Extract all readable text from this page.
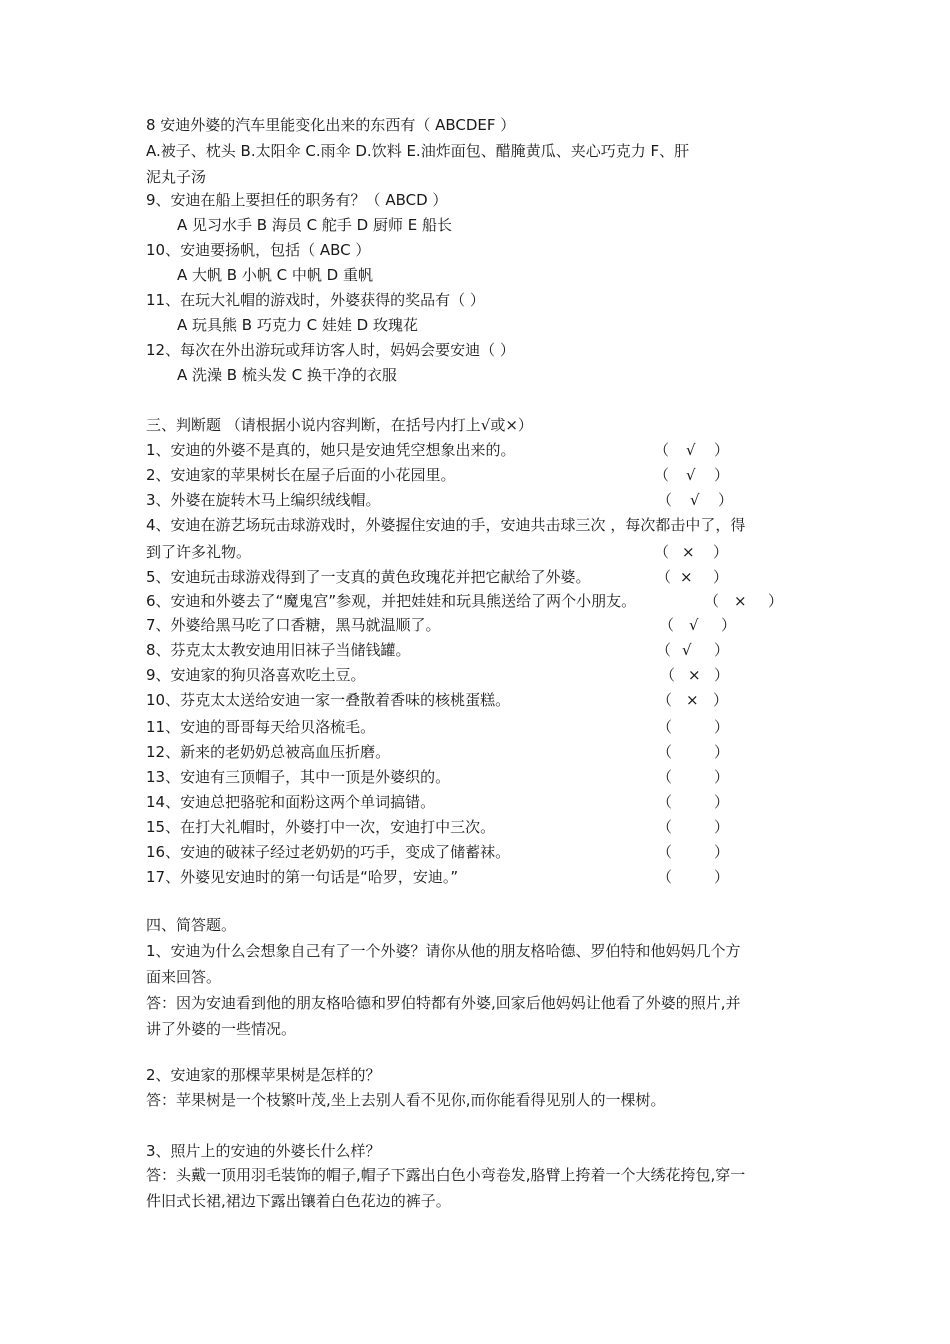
8 安迪外婆的汽车里能变化出来的东西有（ ABCDEF ）
A.被子、枕头 B.太阳伞 C.雨伞 D.饮料 E.油炸面包、醋腌黄瓜、夹心巧克力 F、肝
泥丸子汤
9、安迪在船上要担任的职务有？（ ABCD ）
A 见习水手 B 海员 C 舵手 D 厨师 E 船长
10、安迪要扬帆，包括（ ABC ）
A 大帆 B 小帆 C 中帆 D 重帆
11、在玩大礼帽的游戏时，外婆获得的奖品有（ ）
A 玩具熊 B 巧克力 C 娃娃 D 玫瑰花
12、每次在外出游玩或拜访客人时，妈妈会要安迪（ ）
A 洗澡 B 梳头发 C 换干净的衣服
三、判断题 （请根据小说内容判断，在括号内打上√或×）
1、安迪的外婆不是真的，她只是安迪凭空想象出来的。	（ √ ）
2、安迪家的苹果树长在屋子后面的小花园里。	（ √ ）
3、外婆在旋转木马上编织绒线帽。	（ √ ）
4、安迪在游艺场玩击球游戏时，外婆握住安迪的手，安迪共击球三次 ，每次都击中了，得
到了许多礼物。	（ × ）
5、安迪玩击球游戏得到了一支真的黄色玫瑰花并把它献给了外婆。	（ × ）
6、安迪和外婆去了“魔鬼宫”参观，并把娃娃和玩具熊送给了两个小朋友。	（ × ）
7、外婆给黑马吃了口香糖，黑马就温顺了。	（ √ ）
8、芬克太太教安迪用旧袜子当储钱罐。	（ √ ）
9、安迪家的狗贝洛喜欢吃土豆。	（ × ）
10、芬克太太送给安迪一家一叠散着香味的核桃蛋糕。	（ × ）
11、安迪的哥哥每天给贝洛梳毛。	（	）
12、新来的老奶奶总被高血压折磨。	（	）
13、安迪有三顶帽子，其中一顶是外婆织的。	（	）
14、安迪总把骆驼和面粉这两个单词搞错。	（	）
15、在打大礼帽时，外婆打中一次，安迪打中三次。	（	）
16、安迪的破袜子经过老奶奶的巧手，变成了储蓄袜。	（	）
17、外婆见安迪时的第一句话是“哈罗，安迪。”	（	）
四、简答题。
1、安迪为什么会想象自己有了一个外婆？请你从他的朋友格哈德、罗伯特和他妈妈几个方
面来回答。
答：因为安迪看到他的朋友格哈德和罗伯特都有外婆,回家后他妈妈让他看了外婆的照片,并
讲了外婆的一些情况。
2、安迪家的那棵苹果树是怎样的？
答：苹果树是一个枝繁叶茂,坐上去别人看不见你,而你能看得见别人的一棵树。
3、照片上的安迪的外婆长什么样？
答：头戴一顶用羽毛装饰的帽子,帽子下露出白色小弯卷发,胳臂上挎着一个大绣花挎包,穿一
件旧式长裙,裙边下露出镶着白色花边的裤子。
